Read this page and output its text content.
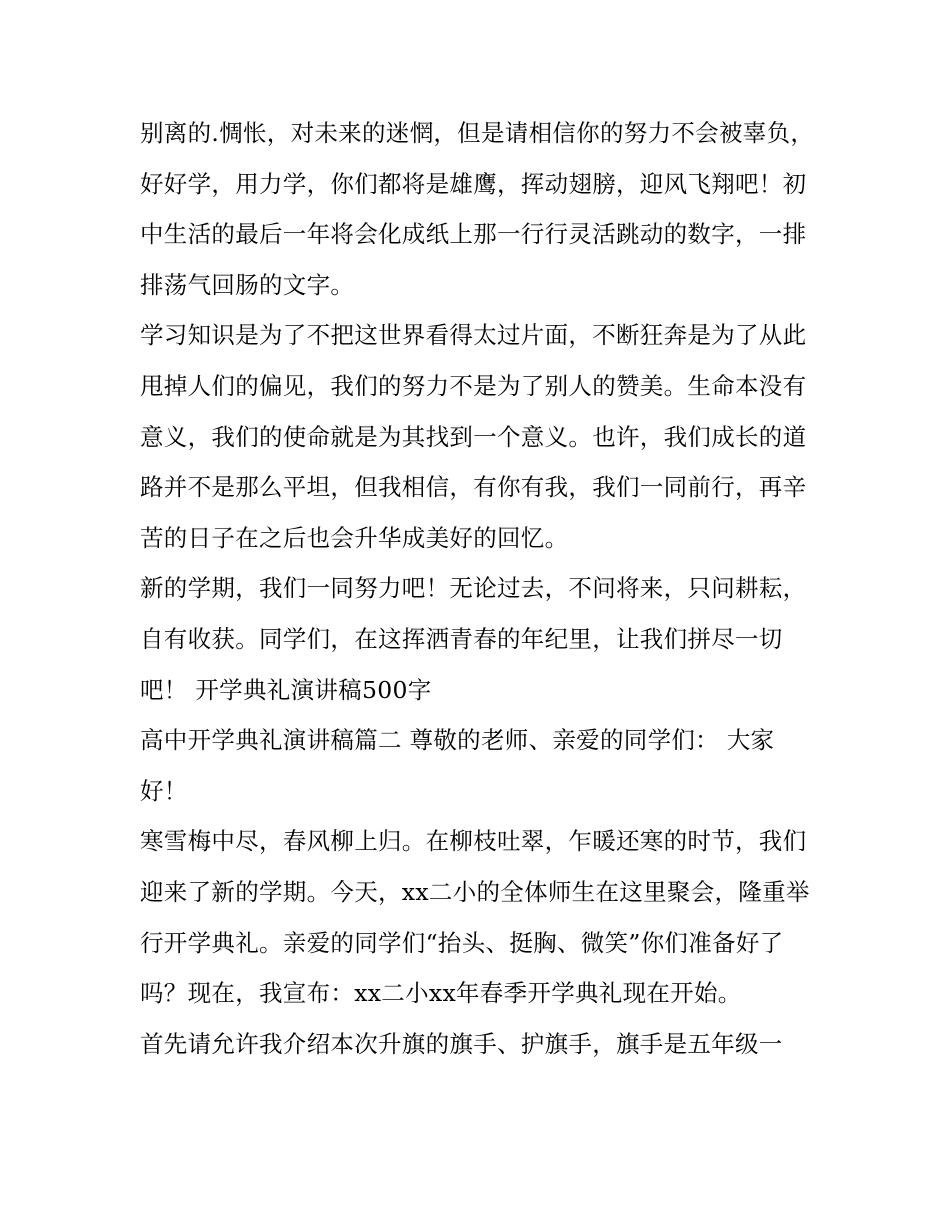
别离的.惆怅，对未来的迷惘，但是请相信你的努力不会被辜负，好好学，用力学，你们都将是雄鹰，挥动翅膀，迎风飞翔吧！初中生活的最后一年将会化成纸上那一行行灵活跳动的数字，一排排荡气回肠的文字。

学习知识是为了不把这世界看得太过片面，不断狂奔是为了从此甩掉人们的偏见，我们的努力不是为了别人的赞美。生命本没有意义，我们的使命就是为其找到一个意义。也许，我们成长的道路并不是那么平坦，但我相信，有你有我，我们一同前行，再辛苦的日子在之后也会升华成美好的回忆。

新的学期，我们一同努力吧！无论过去，不问将来，只问耕耘，自有收获。同学们，在这挥洒青春的年纪里，让我们拼尽一切吧！ 开学典礼演讲稿500字

高中开学典礼演讲稿篇二 尊敬的老师、亲爱的同学们： 大家好！

寒雪梅中尽，春风柳上归。在柳枝吐翠，乍暖还寒的时节，我们迎来了新的学期。今天，xx二小的全体师生在这里聚会，隆重举行开学典礼。亲爱的同学们“抬头、挺胸、微笑”你们准备好了吗？现在，我宣布：xx二小xx年春季开学典礼现在开始。

首先请允许我介绍本次升旗的旗手、护旗手，旗手是五年级一
